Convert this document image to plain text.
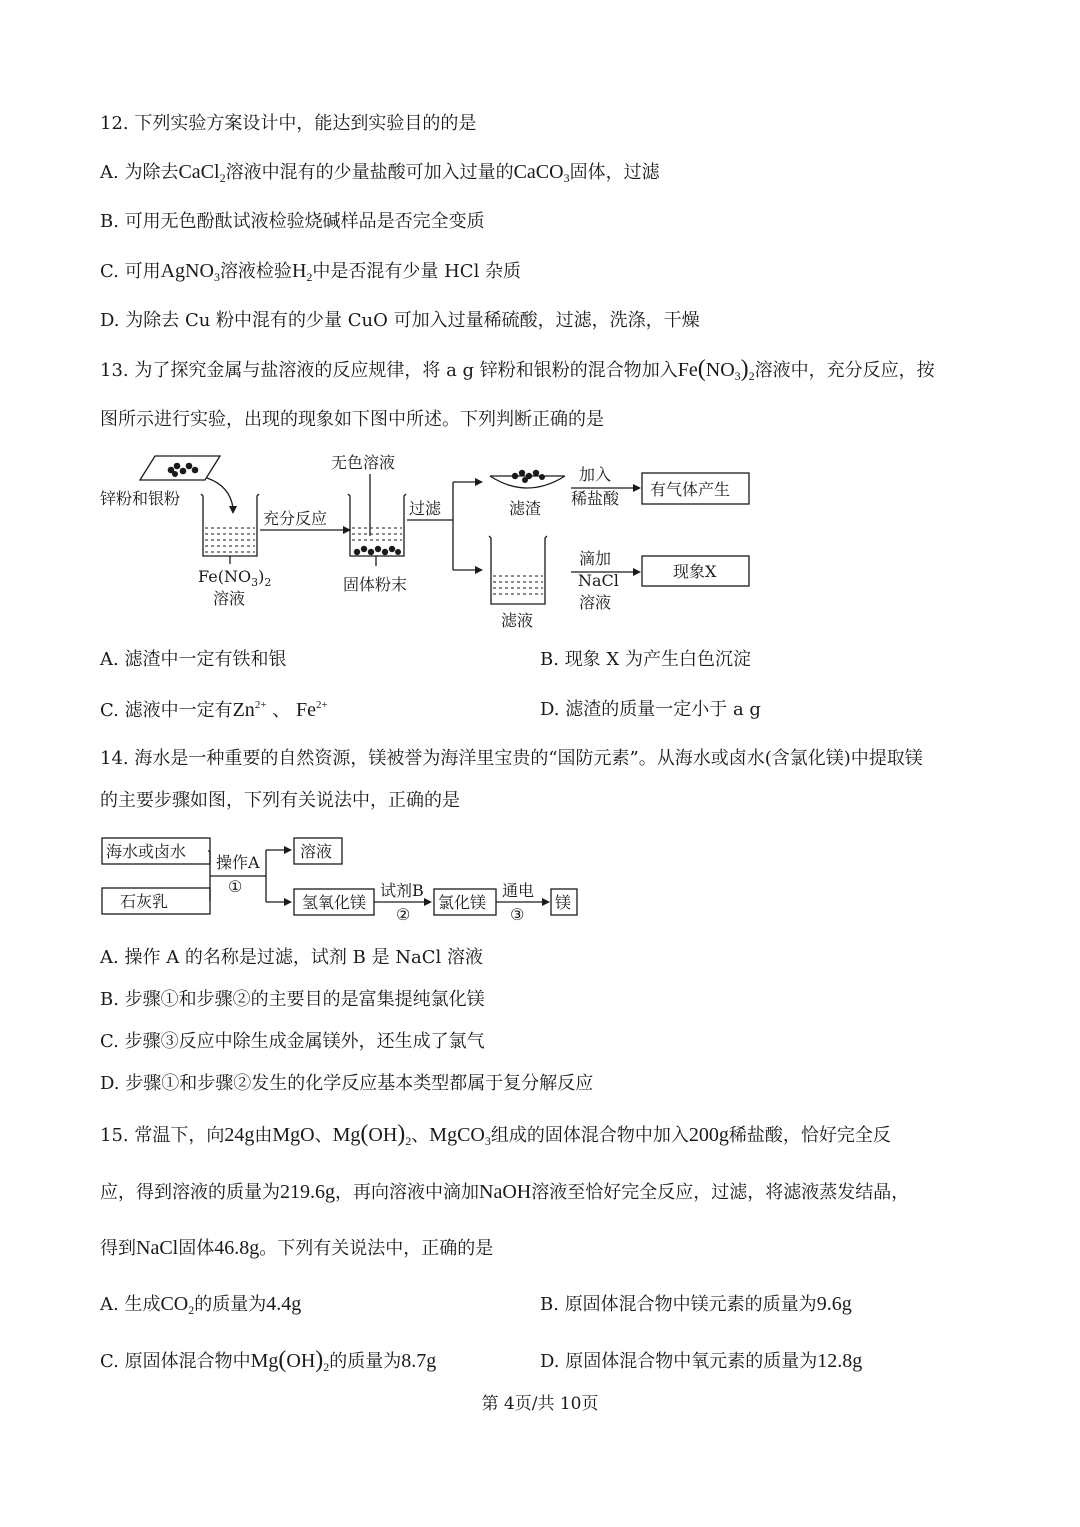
12. 下列实验方案设计中，能达到实验目的的是
A. 为除去CaCl$_2$溶液中混有的少量盐酸可加入过量的CaCO$_3$固体，过滤
B. 可用无色酚酞试液检验烧碱样品是否完全变质
C. 可用AgNO$_3$溶液检验$H_2$中是否混有少量 HCl 杂质
D. 为除去 Cu 粉中混有的少量 CuO 可加入过量稀硫酸，过滤，洗涤，干燥
13. 为了探究金属与盐溶液的反应规律，将 a g 锌粉和银粉的混合物加入$Fe(NO_3)_2$溶液中，充分反应，按
图所示进行实验，出现的现象如下图中所述。下列判断正确的是
锌粉和银粉
$Fe(NO_3)_2$
溶液
充分反应
无色溶液
固体粉末
过滤	滤渣
加入
稀盐酸 有气体产生
滤液
滴加
NaCl
溶液
现象X
A. 滤渣中一定有铁和银	B. 现象 X 为产生白色沉淀
C. 滤液中一定有$Zn^{2+}$ 、 $Fe^{2+}$	D. 滤渣的质量一定小于 a g
14. 海水是一种重要的自然资源，镁被誉为海洋里宝贵的“国防元素”。从海水或卤水(含氯化镁)中提取镁
的主要步骤如图，下列有关说法中，正确的是
海水或卤水
石灰乳
操作A
①
溶液
氢氧化镁
试剂B
②
氯化镁
通电
③
镁
A. 操作 A 的名称是过滤，试剂 B 是 NaCl 溶液
B. 步骤①和步骤②的主要目的是富集提纯氯化镁
C. 步骤③反应中除生成金属镁外，还生成了氯气
D. 步骤①和步骤②发生的化学反应基本类型都属于复分解反应
15. 常温下，向24g由MgO、$Mg(OH)_2$、MgCO$_3$组成的固体混合物中加入200g稀盐酸，恰好完全反
应，得到溶液的质量为219.6g，再向溶液中滴加NaOH溶液至恰好完全反应，过滤，将滤液蒸发结晶，
得到NaCl固体46.8g。下列有关说法中，正确的是
A. 生成$CO_2$的质量为4.4g	B. 原固体混合物中镁元素的质量为9.6g
C. 原固体混合物中$Mg(OH)_2$的质量为8.7g	D. 原固体混合物中氧元素的质量为12.8g
第 4页/共 10页
